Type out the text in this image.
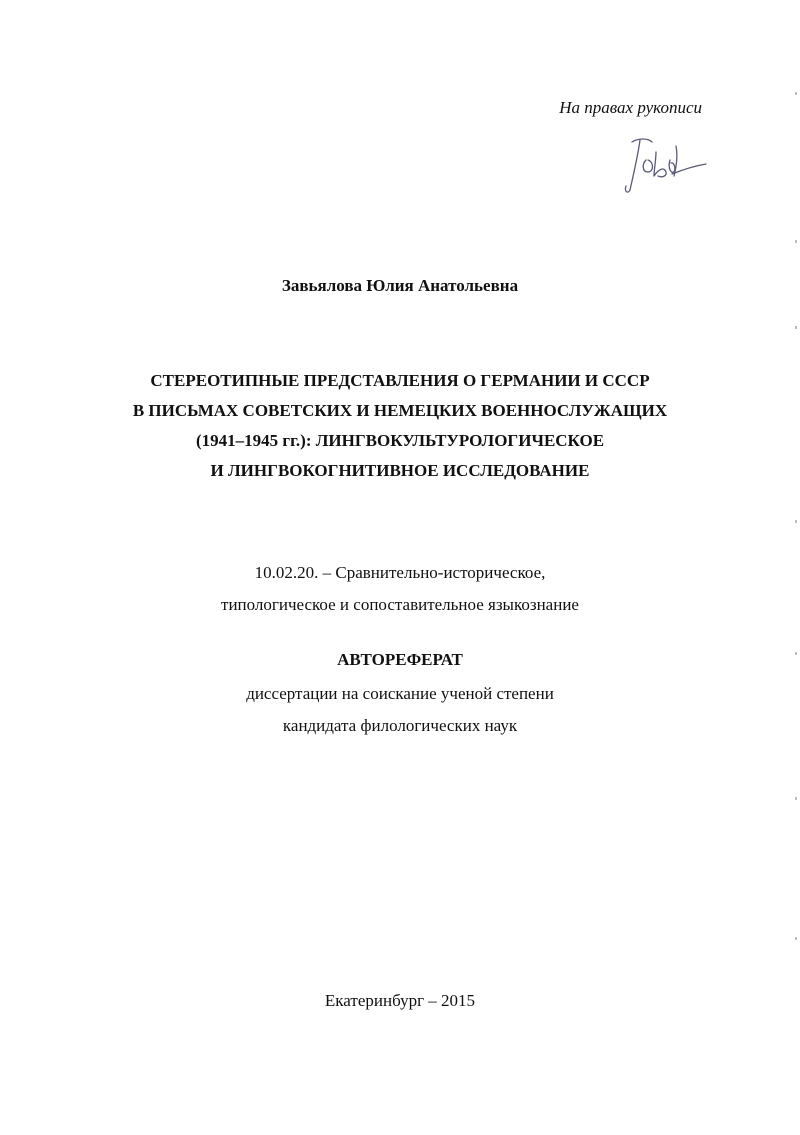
На правах рукописи
Завьялова Юлия Анатольевна
СТЕРЕОТИПНЫЕ ПРЕДСТАВЛЕНИЯ О ГЕРМАНИИ И СССР
В ПИСЬМАХ СОВЕТСКИХ И НЕМЕЦКИХ ВОЕННОСЛУЖАЩИХ
(1941–1945 гг.): ЛИНГВОКУЛЬТУРОЛОГИЧЕСКОЕ
И ЛИНГВОКОГНИТИВНОЕ ИССЛЕДОВАНИЕ
10.02.20. – Сравнительно-историческое,
типологическое и сопоставительное языкознание
АВТОРЕФЕРАТ
диссертации на соискание ученой степени
кандидата филологических наук
Екатеринбург – 2015
